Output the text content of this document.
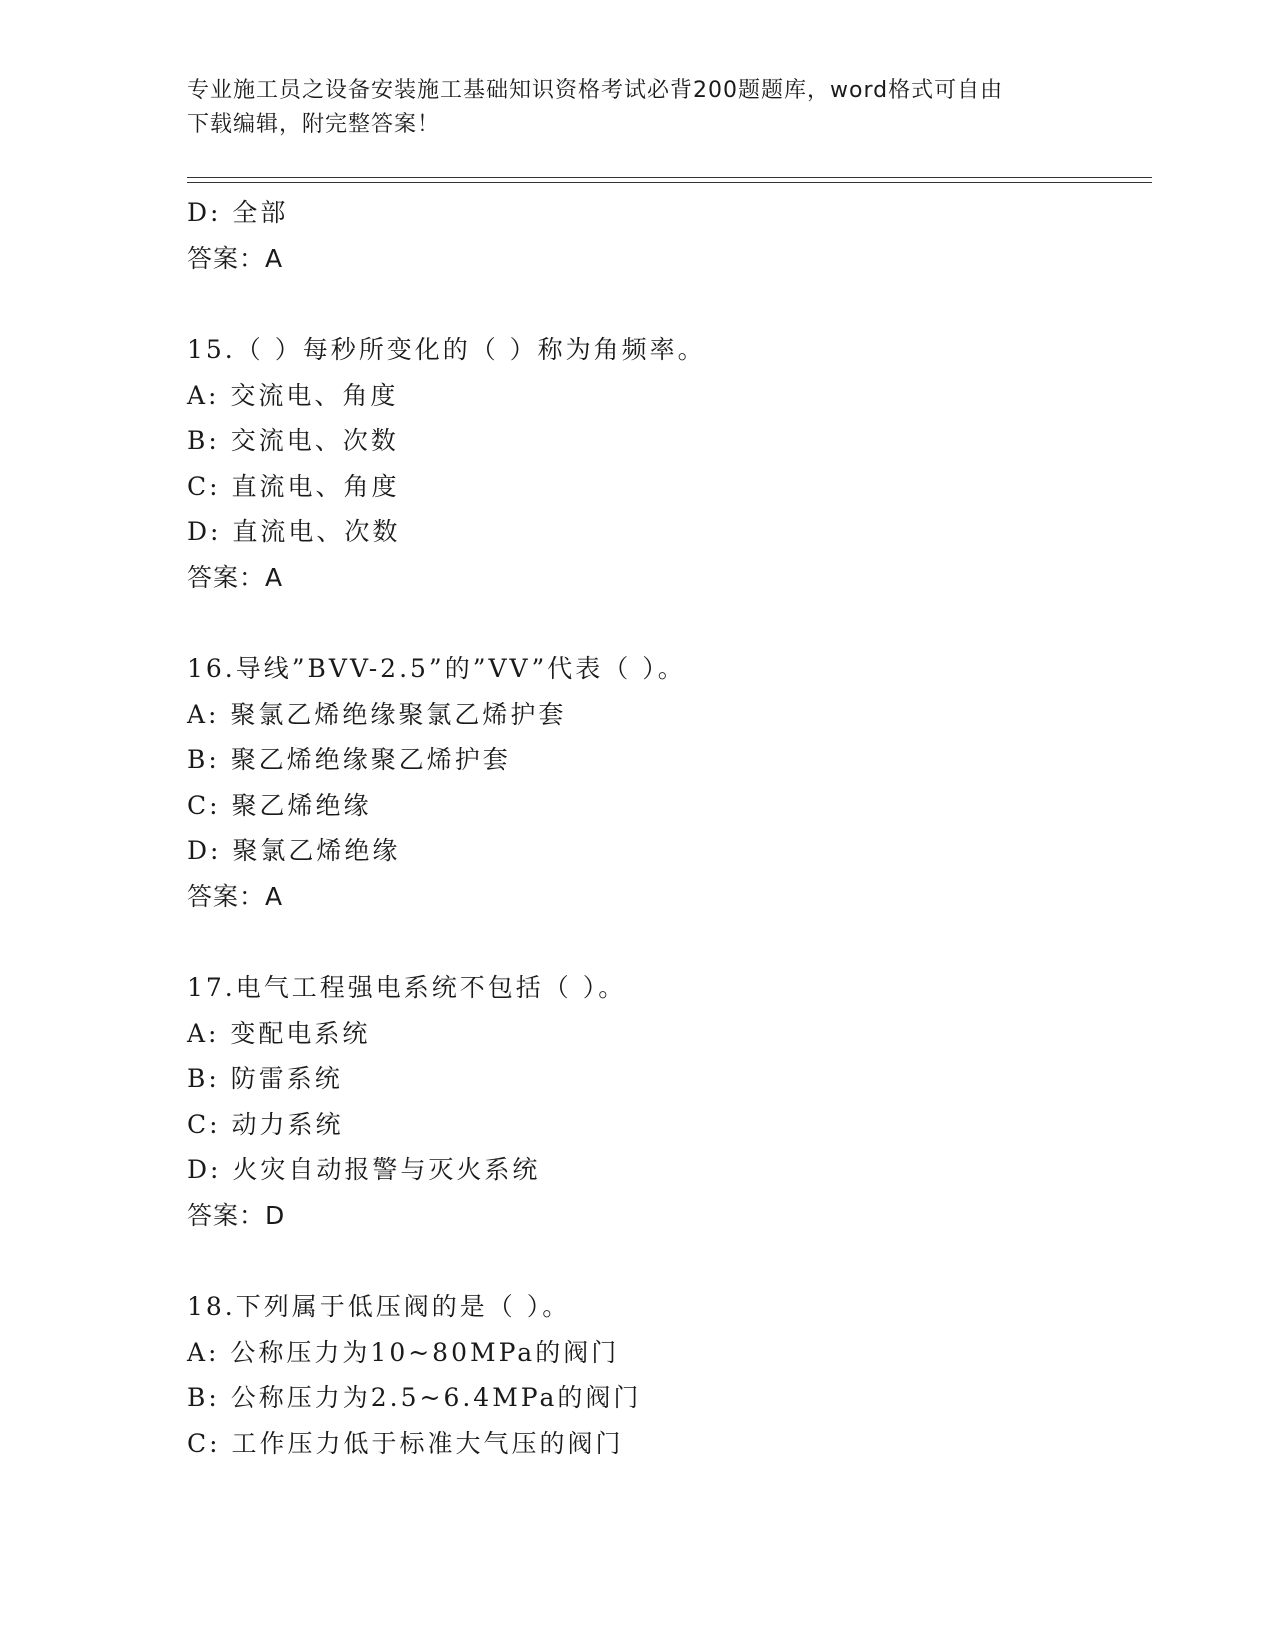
专业施工员之设备安装施工基础知识资格考试必背200题题库，word格式可自由
下载编辑，附完整答案！
D: 全部
答案：A
15.（ ）每秒所变化的（ ）称为角频率。
A: 交流电、角度
B: 交流电、次数
C: 直流电、角度
D: 直流电、次数
答案：A
16.导线”BVV-2.5”的”VV”代表（ ）。
A: 聚氯乙烯绝缘聚氯乙烯护套
B: 聚乙烯绝缘聚乙烯护套
C: 聚乙烯绝缘
D: 聚氯乙烯绝缘
答案：A
17.电气工程强电系统不包括（ ）。
A: 变配电系统
B: 防雷系统
C: 动力系统
D: 火灾自动报警与灭火系统
答案：D
18.下列属于低压阀的是（ ）。
A: 公称压力为10~80MPa的阀门
B: 公称压力为2.5~6.4MPa的阀门
C: 工作压力低于标准大气压的阀门
